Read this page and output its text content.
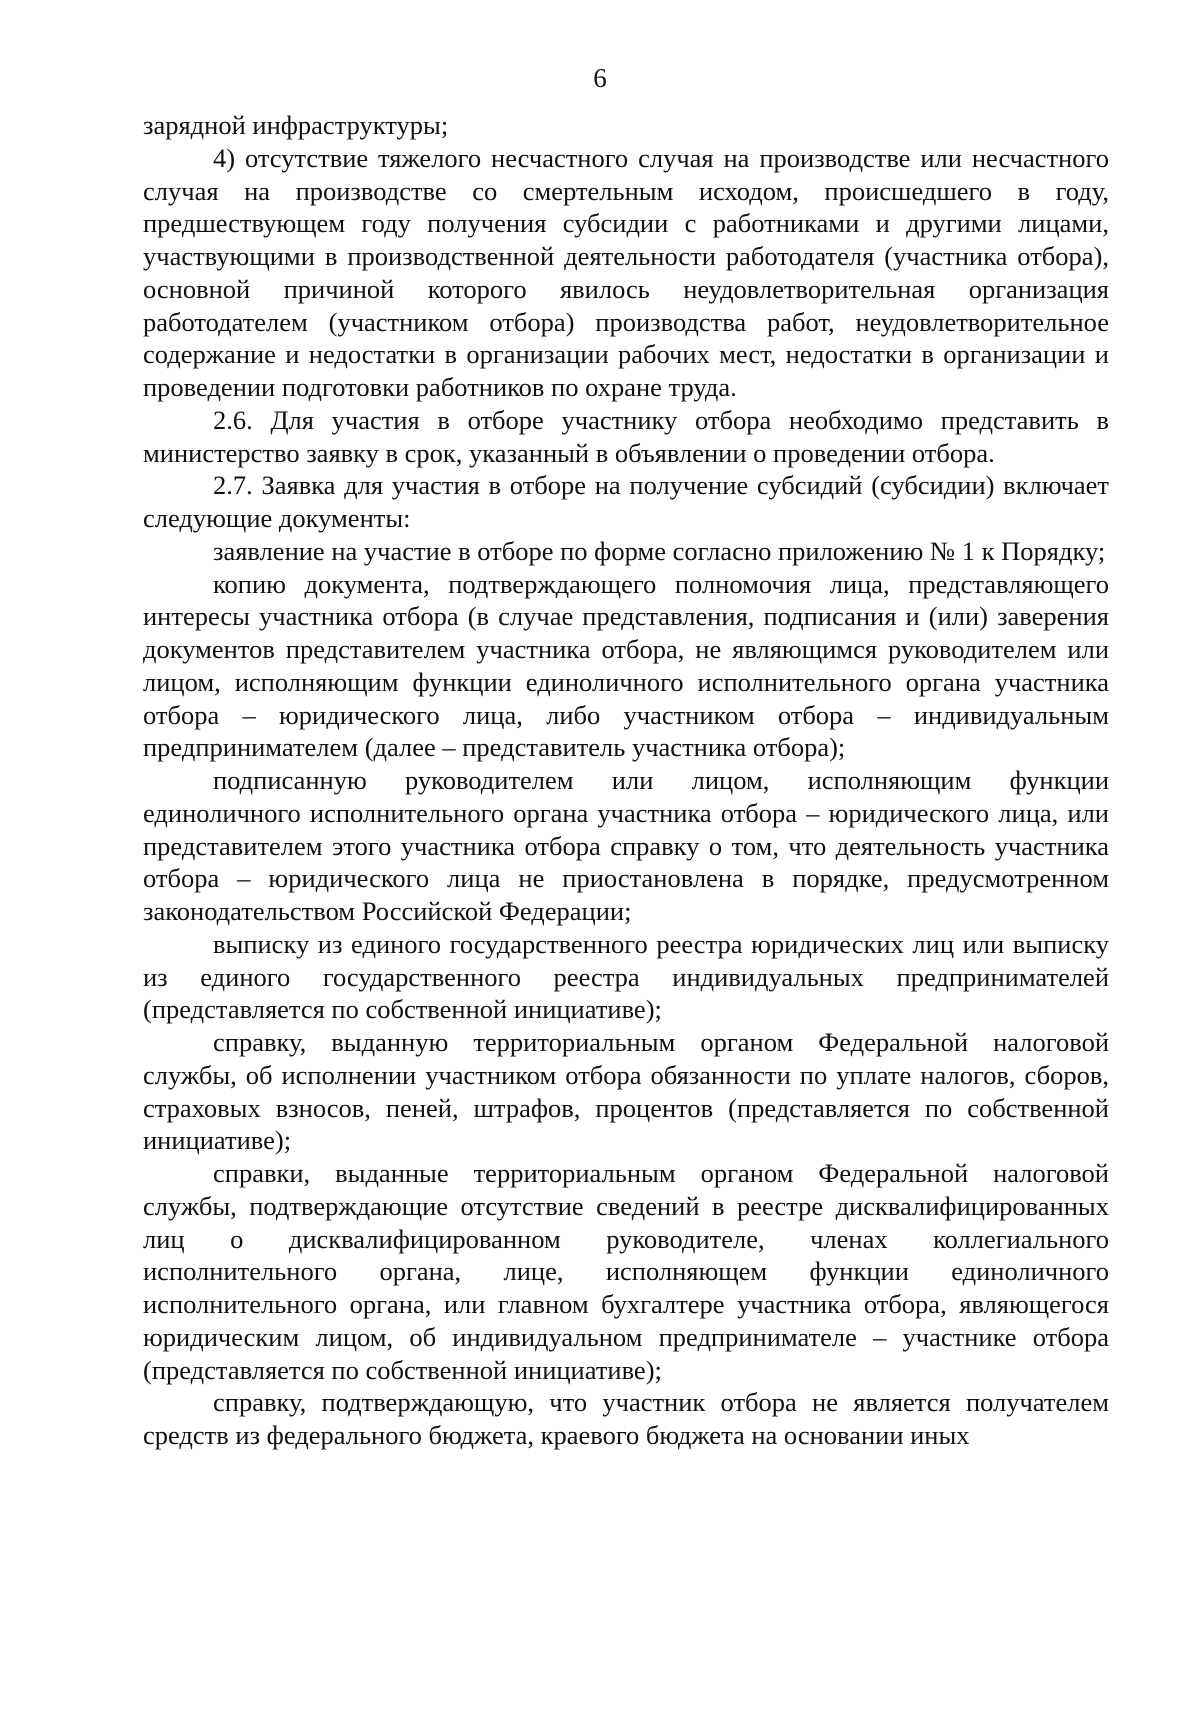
6

зарядной инфраструктуры;

4) отсутствие тяжелого несчастного случая на производстве или несчастного случая на производстве со смертельным исходом, происшедшего в году, предшествующем году получения субсидии с работниками и другими лицами, участвующими в производственной деятельности работодателя (участника отбора), основной причиной которого явилось неудовлетворительная организация работодателем (участником отбора) производства работ, неудовлетворительное содержание и недостатки в организации рабочих мест, недостатки в организации и проведении подготовки работников по охране труда.

2.6. Для участия в отборе участнику отбора необходимо представить в министерство заявку в срок, указанный в объявлении о проведении отбора.

2.7. Заявка для участия в отборе на получение субсидий (субсидии) включает следующие документы:

заявление на участие в отборе по форме согласно приложению № 1 к Порядку;

копию документа, подтверждающего полномочия лица, представляющего интересы участника отбора (в случае представления, подписания и (или) заверения документов представителем участника отбора, не являющимся руководителем или лицом, исполняющим функции единоличного исполнительного органа участника отбора – юридического лица, либо участником отбора – индивидуальным предпринимателем (далее – представитель участника отбора);

подписанную руководителем или лицом, исполняющим функции единоличного исполнительного органа участника отбора – юридического лица, или представителем этого участника отбора справку о том, что деятельность участника отбора – юридического лица не приостановлена в порядке, предусмотренном законодательством Российской Федерации;

выписку из единого государственного реестра юридических лиц или выписку из единого государственного реестра индивидуальных предпринимателей (представляется по собственной инициативе);

справку, выданную территориальным органом Федеральной налоговой службы, об исполнении участником отбора обязанности по уплате налогов, сборов, страховых взносов, пеней, штрафов, процентов (представляется по собственной инициативе);

справки, выданные территориальным органом Федеральной налоговой службы, подтверждающие отсутствие сведений в реестре дисквалифицированных лиц о дисквалифицированном руководителе, членах коллегиального исполнительного органа, лице, исполняющем функции единоличного исполнительного органа, или главном бухгалтере участника отбора, являющегося юридическим лицом, об индивидуальном предпринимателе – участнике отбора (представляется по собственной инициативе);

справку, подтверждающую, что участник отбора не является получателем средств из федерального бюджета, краевого бюджета на основании иных
